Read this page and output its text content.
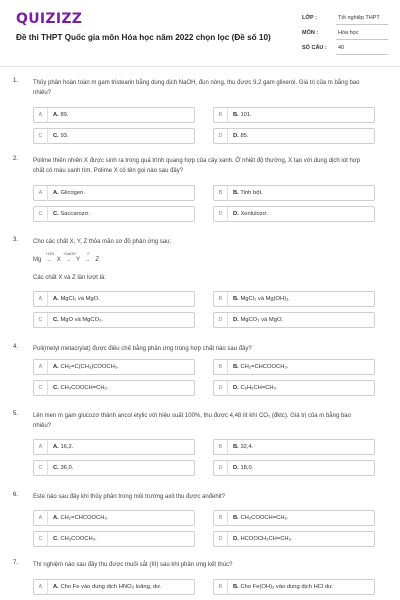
QUIZIZZ
Đề thi THPT Quốc gia môn Hóa học năm 2022 chọn lọc (Đề số 10)
LỚP :	Tốt nghiệp THPT
MÔN :	Hóa học
SỐ CÂU : 40
1. Thủy phân hoàn toàn m gam tristearin bằng dung dịch NaOH, đun nóng, thu được 9,2 gam glixerol. Giá trị của m bằng bao nhiêu?
A	A. 89.	B	B. 101.
C	C. 93.	D	D. 85.
2. Polime thiên nhiên X được sinh ra trong quá trình quang hợp của cây xanh. Ở nhiệt độ thường, X tạo với dung dịch iot hợp chất có màu xanh tím. Polime X có tên gọi nào sau đây?
A	A. Glicogen.	B	B. Tinh bột.
C	C. Saccarozơ.	D	D. Xenlulozơ.
3. Cho các chất X, Y, Z thỏa mãn sơ đồ phản ứng sau:
Mg
+HCl
→ X
+NaOH
→ Y
t°
→ Z
Các chất X và Z lần lượt là:
A	A. MgCl₂ và MgO.	B	B. MgCl₂ và Mg(OH)₂.
C	C. MgO và MgCO₃.	D	D. MgCO₃ và MgO.
4. Poli(metyl metacrylat) được điều chế bằng phản ứng trùng hợp chất nào sau đây?
A	A. CH₂=C(CH₃)COOCH₃.	B	B. CH₂=CHCOOCH₃.
C	C. CH₃COOCH=CH₂.	D	D. C₆H₅CH=CH₂.
5. Lên men m gam glucozơ thành ancol etylic với hiệu suất 100%, thu được 4,48 lít khí CO₂ (đktc). Giá trị của m bằng bao nhiêu?
A	A. 16,2.	B	B. 32,4.
C	C. 36,0.	D	D. 18,0.
6. Este nào sau đây khi thủy phân trong môi trường axit thu được anđehit?
A	A. CH₂=CHCOOCH₃.	B	B. CH₃COOCH=CH₂.
C	C. CH₃COOCH₃.	D	D. HCOOCH₂CH=CH₂.
7. Thí nghiệm nào sau đây thu được muối sắt (III) sau khi phản ứng kết thúc?
A	A. Cho Fe vào dung dịch HNO₃ loãng, dư.	B	B. Cho Fe(OH)₂ vào dung dịch HCl dư.
